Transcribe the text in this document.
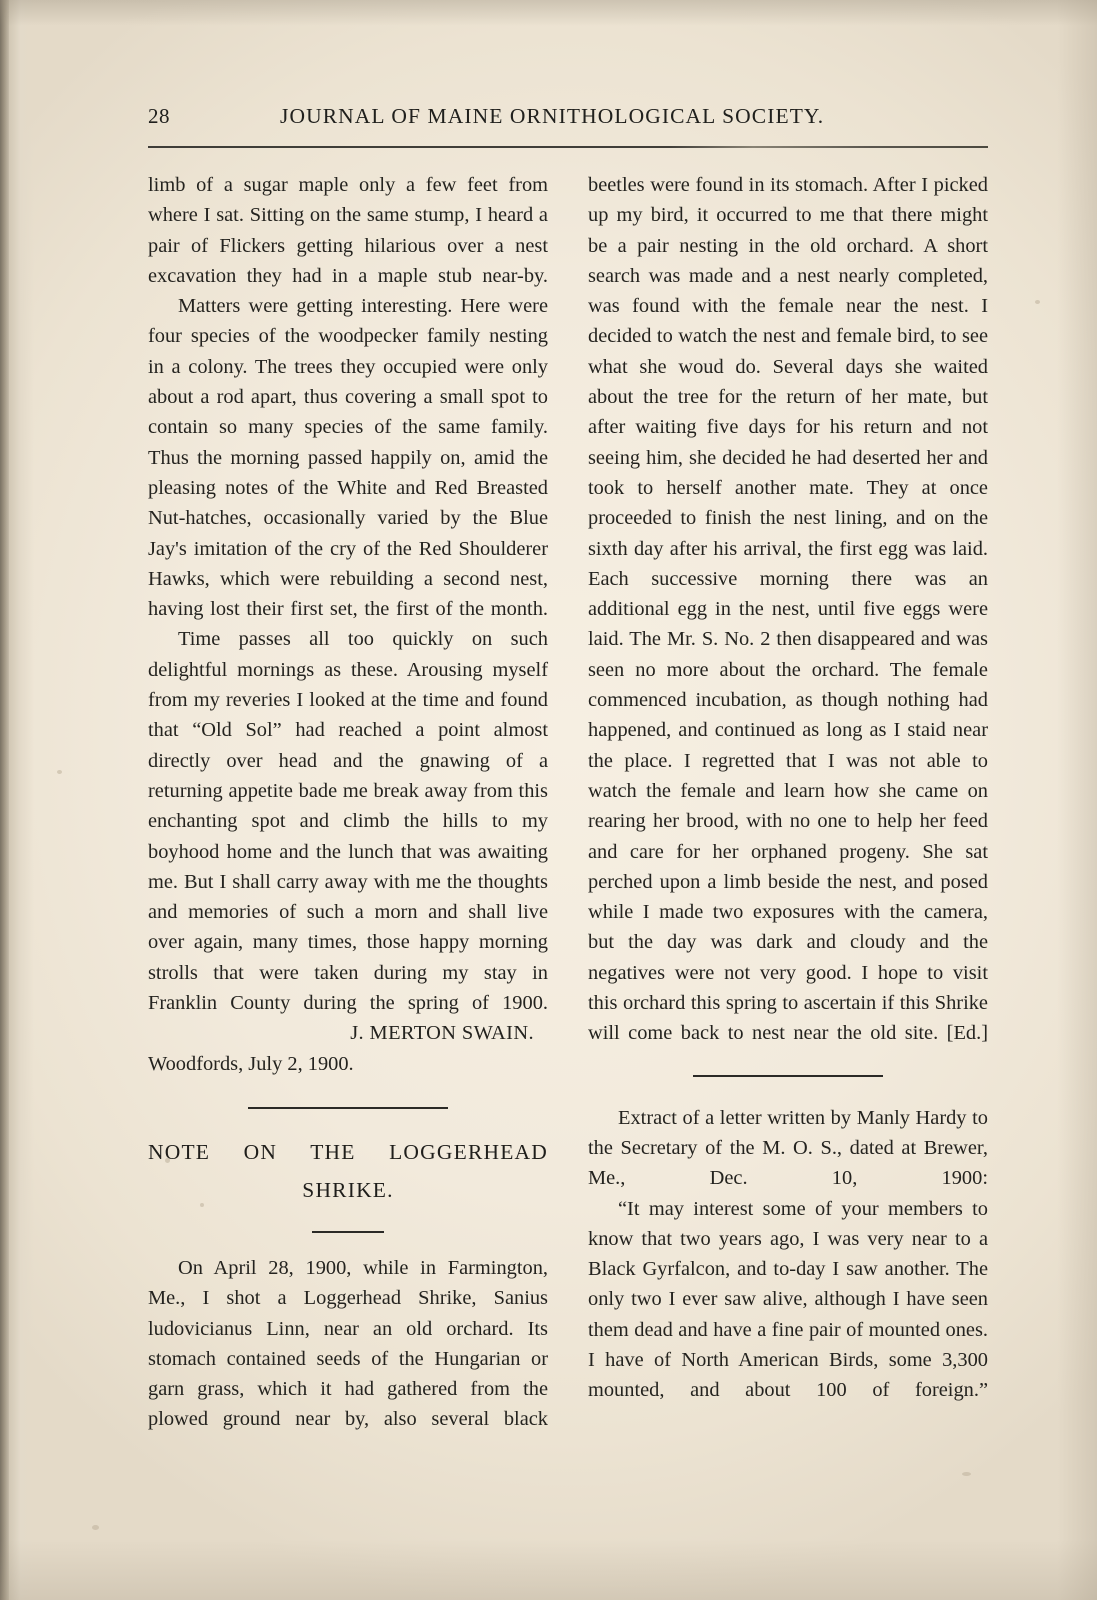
28	JOURNAL OF MAINE ORNITHOLOGICAL SOCIETY.

limb of a sugar maple only a few feet from where I sat. Sitting on the same stump, I heard a pair of Flickers getting hilarious over a nest excavation they had in a maple stub near-by.

Matters were getting interesting. Here were four species of the woodpecker family nesting in a colony. The trees they occupied were only about a rod apart, thus covering a small spot to contain so many species of the same family. Thus the morning passed happily on, amid the pleasing notes of the White and Red Breasted Nut-hatches, occasionally varied by the Blue Jay's imitation of the cry of the Red Shoulderer Hawks, which were rebuilding a second nest, having lost their first set, the first of the month.

Time passes all too quickly on such delightful mornings as these. Arousing myself from my reveries I looked at the time and found that “Old Sol” had reached a point almost directly over head and the gnawing of a returning appetite bade me break away from this enchanting spot and climb the hills to my boyhood home and the lunch that was awaiting me. But I shall carry away with me the thoughts and memories of such a morn and shall live over again, many times, those happy morning strolls that were taken during my stay in Franklin County during the spring of 1900.

J. MERTON SWAIN.

Woodfords, July 2, 1900.

NOTE ON THE LOGGERHEAD
SHRIKE.

On April 28, 1900, while in Farmington, Me., I shot a Loggerhead Shrike, Sanius ludovicianus Linn, near an old orchard. Its stomach contained seeds of the Hungarian or garn grass, which it had gathered from the plowed ground near by, also several black

beetles were found in its stomach. After I picked up my bird, it occurred to me that there might be a pair nesting in the old orchard. A short search was made and a nest nearly completed, was found with the female near the nest. I decided to watch the nest and female bird, to see what she woud do. Several days she waited about the tree for the return of her mate, but after waiting five days for his return and not seeing him, she decided he had deserted her and took to herself another mate. They at once proceeded to finish the nest lining, and on the sixth day after his arrival, the first egg was laid. Each successive morning there was an additional egg in the nest, until five eggs were laid. The Mr. S. No. 2 then disappeared and was seen no more about the orchard. The female commenced incubation, as though nothing had happened, and continued as long as I staid near the place. I regretted that I was not able to watch the female and learn how she came on rearing her brood, with no one to help her feed and care for her orphaned progeny. She sat perched upon a limb beside the nest, and posed while I made two exposures with the camera, but the day was dark and cloudy and the negatives were not very good. I hope to visit this orchard this spring to ascertain if this Shrike will come back to nest near the old site. [Ed.]

Extract of a letter written by Manly Hardy to the Secretary of the M. O. S., dated at Brewer, Me., Dec. 10, 1900:

“It may interest some of your members to know that two years ago, I was very near to a Black Gyrfalcon, and to-day I saw another. The only two I ever saw alive, although I have seen them dead and have a fine pair of mounted ones. I have of North American Birds, some 3,300 mounted, and about 100 of foreign.”
